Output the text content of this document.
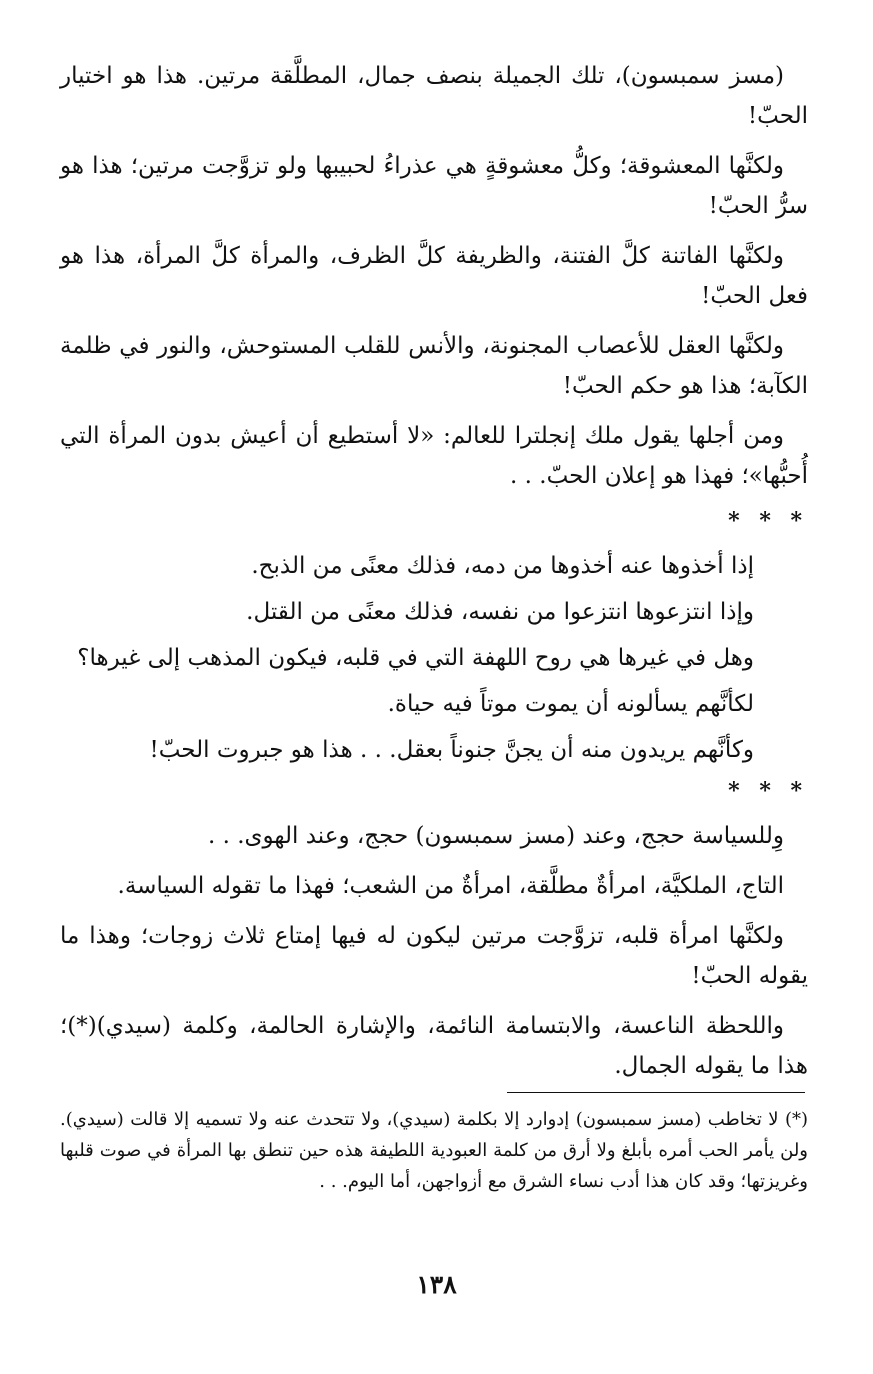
(مسز سمبسون)، تلك الجميلة بنصف جمال، المطلَّقة مرتين. هذا هو اختيار الحبّ!

ولكنَّها المعشوقة؛ وكلُّ معشوقةٍ هي عذراءُ لحبيبها ولو تزوَّجت مرتين؛ هذا هو سرُّ الحبّ!

ولكنَّها الفاتنة كلَّ الفتنة، والظريفة كلَّ الظرف، والمرأة كلَّ المرأة، هذا هو فعل الحبّ!

ولكنَّها العقل للأعصاب المجنونة، والأنس للقلب المستوحش، والنور في ظلمة الكآبة؛ هذا هو حكم الحبّ!

ومن أجلها يقول ملك إنجلترا للعالم: «لا أستطيع أن أعيش بدون المرأة التي أُحبُّها»؛ فهذا هو إعلان الحبّ. . .

* * *
إذا أخذوها عنه أخذوها من دمه، فذلك معنًى من الذبح.
وإذا انتزعوها انتزعوا من نفسه، فذلك معنًى من القتل.
وهل في غيرها هي روح اللهفة التي في قلبه، فيكون المذهب إلى غيرها؟
لكأنَّهم يسألونه أن يموت موتاً فيه حياة.
وكأنَّهم يريدون منه أن يجنَّ جنوناً بعقل. . . هذا هو جبروت الحبّ!
* * *

وِللسياسة حجج، وعند (مسز سمبسون) حجج، وعند الهوى. . .

التاج، الملكيَّة، امرأةٌ مطلَّقة، امرأةٌ من الشعب؛ فهذا ما تقوله السياسة.

ولكنَّها امرأة قلبه، تزوَّجت مرتين ليكون له فيها إمتاع ثلاث زوجات؛ وهذا ما يقوله الحبّ!

واللحظة الناعسة، والابتسامة النائمة، والإشارة الحالمة، وكلمة (سيدي)(*)؛ هذا ما يقوله الجمال.

(*) لا تخاطب (مسز سمبسون) إدوارد إلا بكلمة (سيدي)، ولا تتحدث عنه ولا تسميه إلا قالت (سيدي). ولن يأمر الحب أمره بأبلغ ولا أرق من كلمة العبودية اللطيفة هذه حين تنطق بها المرأة في صوت قلبها وغريزتها؛ وقد كان هذا أدب نساء الشرق مع أزواجهن، أما اليوم. . .
١٣٨
